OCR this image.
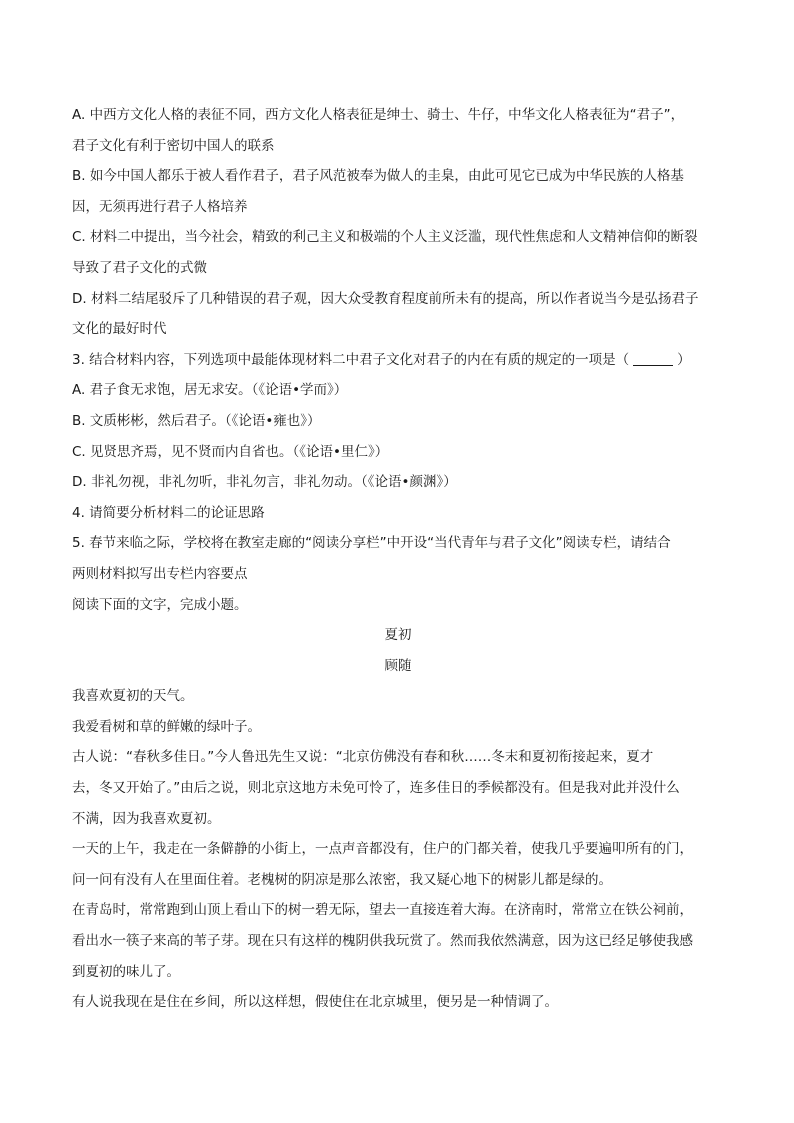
A. 中西方文化人格的表征不同，西方文化人格表征是绅士、骑士、牛仔，中华文化人格表征为“君子”，
君子文化有利于密切中国人的联系
B. 如今中国人都乐于被人看作君子，君子风范被奉为做人的圭臬，由此可见它已成为中华民族的人格基
因，无须再进行君子人格培养
C. 材料二中提出，当今社会，精致的利己主义和极端的个人主义泛滥，现代性焦虑和人文精神信仰的断裂
导致了君子文化的式微
D. 材料二结尾驳斥了几种错误的君子观，因大众受教育程度前所未有的提高，所以作者说当今是弘扬君子
文化的最好时代
3. 结合材料内容，下列选项中最能体现材料二中君子文化对君子的内在有质的规定的一项是（	）
A. 君子食无求饱，居无求安。（《论语•学而》）
B. 文质彬彬，然后君子。（《论语•雍也》）
C. 见贤思齐焉，见不贤而内自省也。（《论语•里仁》）
D. 非礼勿视，非礼勿听，非礼勿言，非礼勿动。（《论语•颜渊》）
4. 请简要分析材料二的论证思路
5. 春节来临之际，学校将在教室走廊的“阅读分享栏”中开设“当代青年与君子文化”阅读专栏，请结合
两则材料拟写出专栏内容要点
阅读下面的文字，完成小题。
夏初
顾随
我喜欢夏初的天气。
我爱看树和草的鲜嫩的绿叶子。
古人说：“春秋多佳日。”今人鲁迅先生又说：“北京仿佛没有春和秋……冬末和夏初衔接起来，夏才
去，冬又开始了。”由后之说，则北京这地方未免可怜了，连多佳日的季候都没有。但是我对此并没什么
不满，因为我喜欢夏初。
一天的上午，我走在一条僻静的小街上，一点声音都没有，住户的门都关着，使我几乎要遍叩所有的门，
问一问有没有人在里面住着。老槐树的阴凉是那么浓密，我又疑心地下的树影儿都是绿的。
在青岛时，常常跑到山顶上看山下的树一碧无际，望去一直接连着大海。在济南时，常常立在铁公祠前，
看出水一筷子来高的苇子芽。现在只有这样的槐阴供我玩赏了。然而我依然满意，因为这已经足够使我感
到夏初的味儿了。
有人说我现在是住在乡间，所以这样想，假使住在北京城里，便另是一种情调了。
